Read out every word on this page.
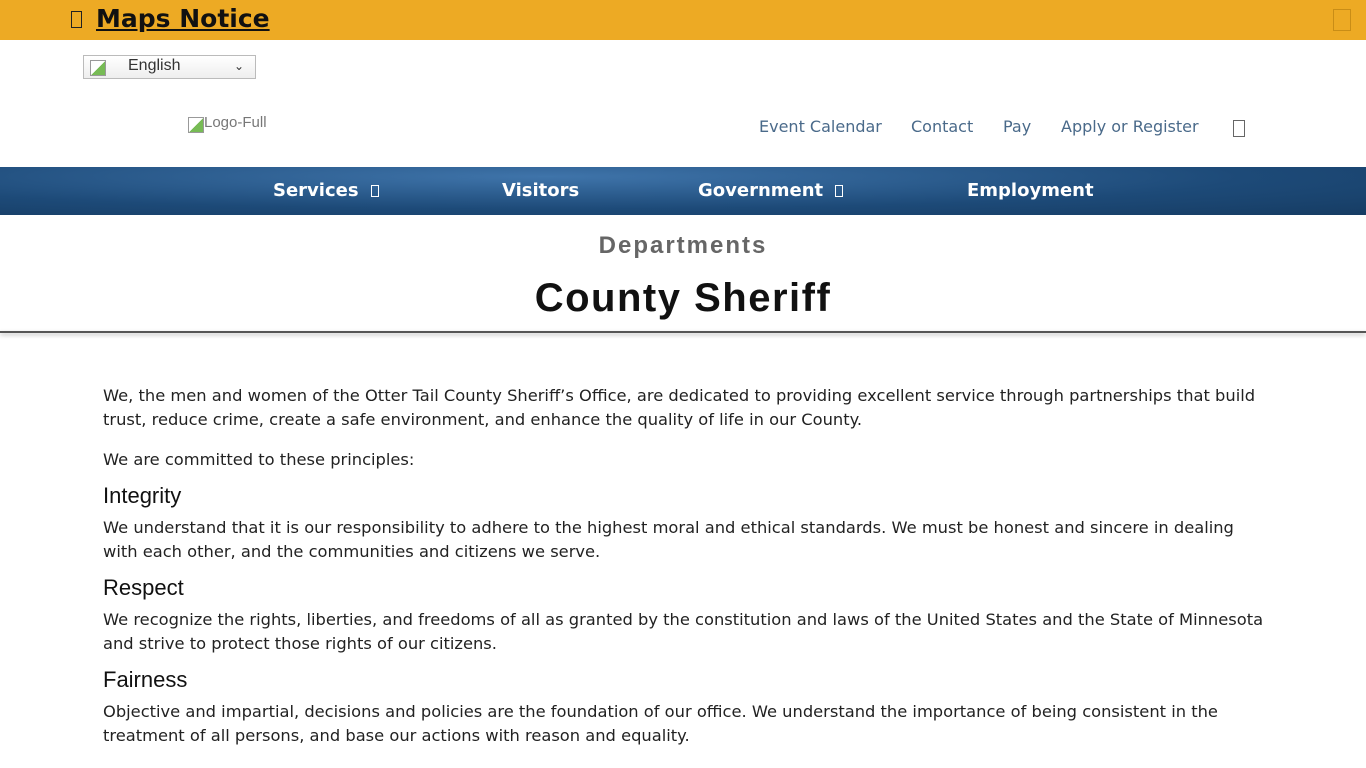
Maps Notice
English	⌄
Logo-Full	Event Calendar Contact Pay Apply or Register
Services	Visitors	Government	Employment
Departments
County Sheriff

We, the men and women of the Otter Tail County Sheriff’s Office, are dedicated to providing excellent service through partnerships that build trust, reduce crime, create a safe environment, and enhance the quality of life in our County.

We are committed to these principles:

Integrity

We understand that it is our responsibility to adhere to the highest moral and ethical standards. We must be honest and sincere in dealing with each other, and the communities and citizens we serve.

Respect

We recognize the rights, liberties, and freedoms of all as granted by the constitution and laws of the United States and the State of Minnesota and strive to protect those rights of our citizens.

Fairness

Objective and impartial, decisions and policies are the foundation of our office. We understand the importance of being consistent in the treatment of all persons, and base our actions with reason and equality.
